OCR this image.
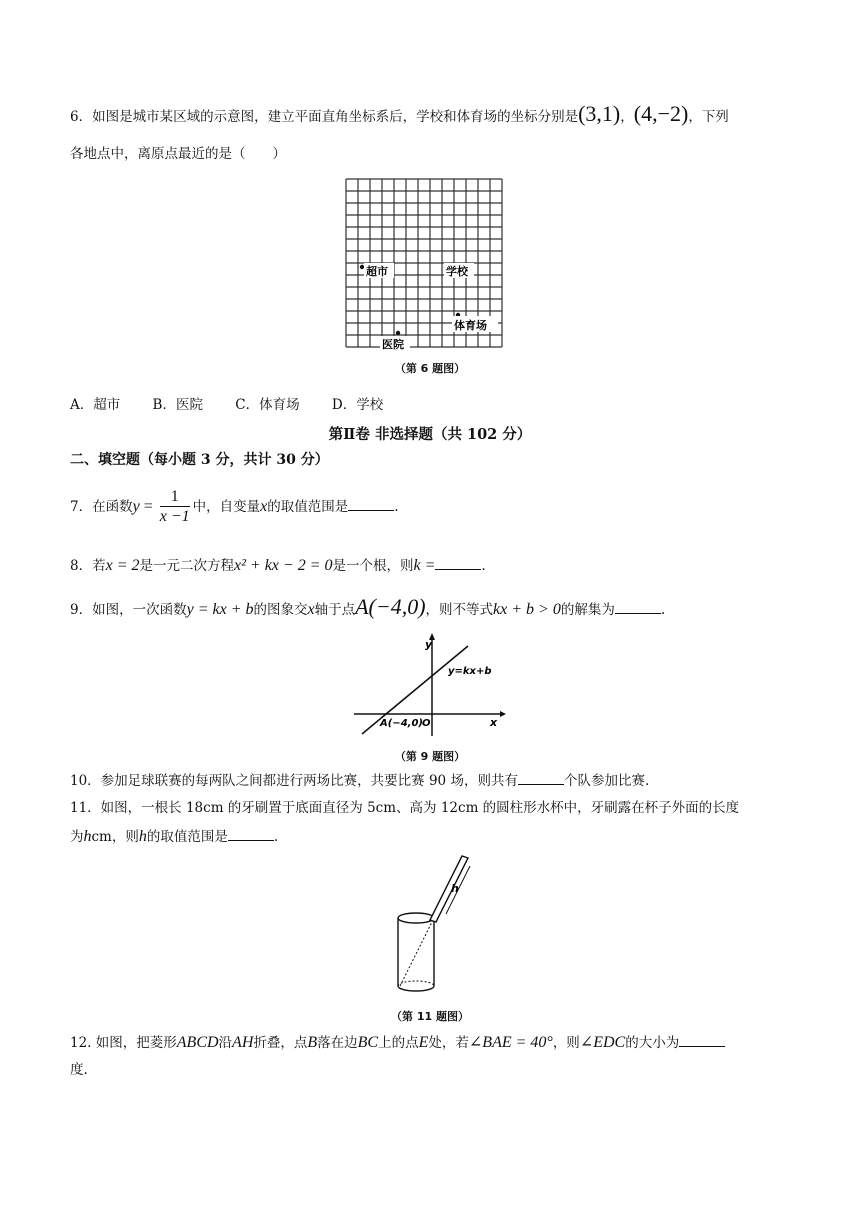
6．如图是城市某区域的示意图，建立平面直角坐标系后，学校和体育场的坐标分别是(3,1)，(4,−2)，下列
各地点中，离原点最近的是（　　）
超市	学校
体育场
医院
（第 6 题图）
A．超市 B．医院 C．体育场 D．学校
第Ⅱ卷 非选择题（共 102 分）
二、填空题（每小题 3 分，共计 30 分）
7．在函数$y = \frac{1}{x -1}$ 中，自变量x的取值范围是	.
8．若x = 2是一元二次方程x² + kx − 2 = 0是一个根，则k =	.
9．如图，一次函数y = kx + b的图象交x轴于点A(−4,0)，则不等式kx + b > 0的解集为	.
y
x
y=kx+b
A(−4,0) O
（第 9 题图）
10．参加足球联赛的每两队之间都进行两场比赛，共要比赛 90 场，则共有	个队参加比赛.
11．如图，一根长 18cm 的牙刷置于底面直径为 5cm、高为 12cm 的圆柱形水杯中，牙刷露在杯子外面的长度
为hcm，则h的取值范围是	.
h
（第 11 题图）
12. 如图，把菱形ABCD沿AH折叠，点B落在边BC上的点E处，若∠BAE = 40°，则∠EDC的大小为
度.
